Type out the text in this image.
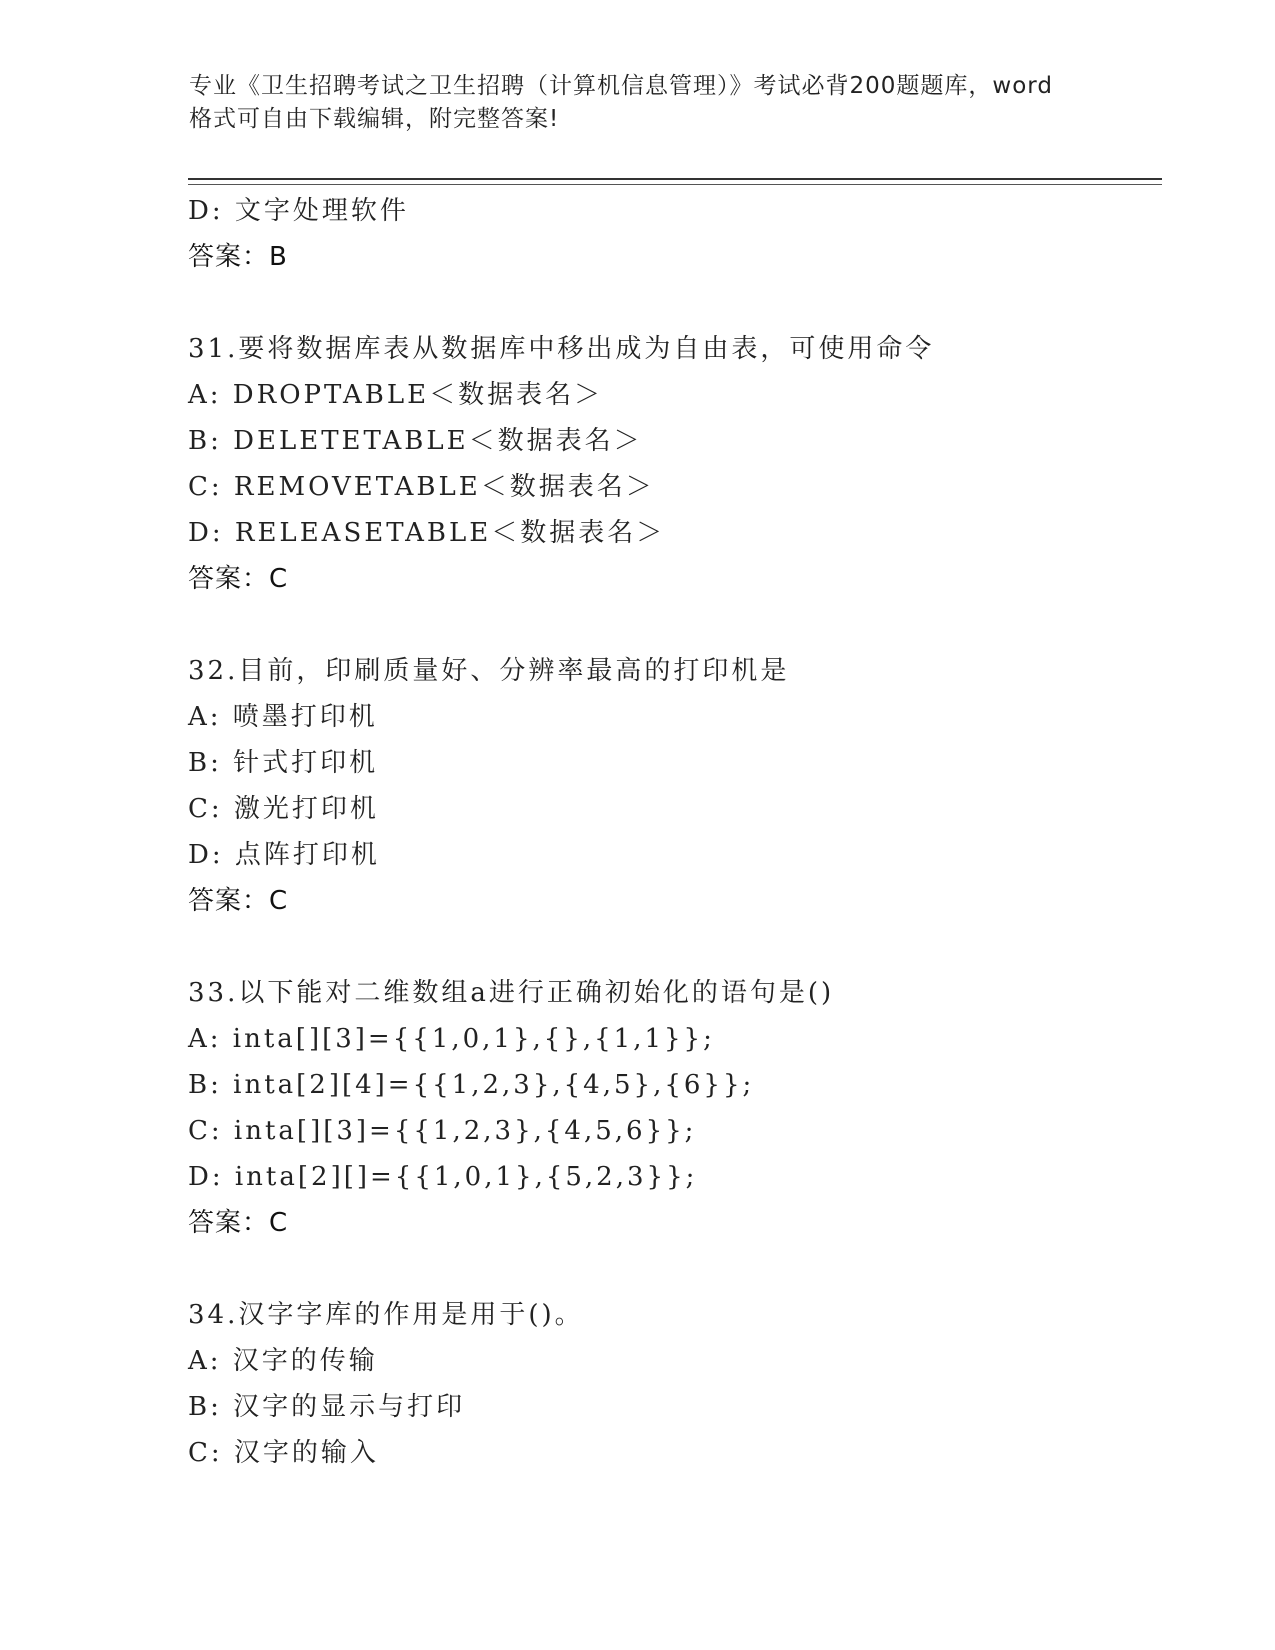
专业《卫生招聘考试之卫生招聘（计算机信息管理）》考试必背200题题库，word
格式可自由下载编辑，附完整答案!
D: 文字处理软件
答案：B
31.要将数据库表从数据库中移出成为自由表，可使用命令
A: DROPTABLE＜数据表名＞
B: DELETETABLE＜数据表名＞
C: REMOVETABLE＜数据表名＞
D: RELEASETABLE＜数据表名＞
答案：C
32.目前，印刷质量好、分辨率最高的打印机是
A: 喷墨打印机
B: 针式打印机
C: 激光打印机
D: 点阵打印机
答案：C
33.以下能对二维数组a进行正确初始化的语句是()
A: inta[][3]={{1,0,1},{},{1,1}};
B: inta[2][4]={{1,2,3},{4,5},{6}};
C: inta[][3]={{1,2,3},{4,5,6}};
D: inta[2][]={{1,0,1},{5,2,3}};
答案：C
34.汉字字库的作用是用于()。
A: 汉字的传输
B: 汉字的显示与打印
C: 汉字的输入
